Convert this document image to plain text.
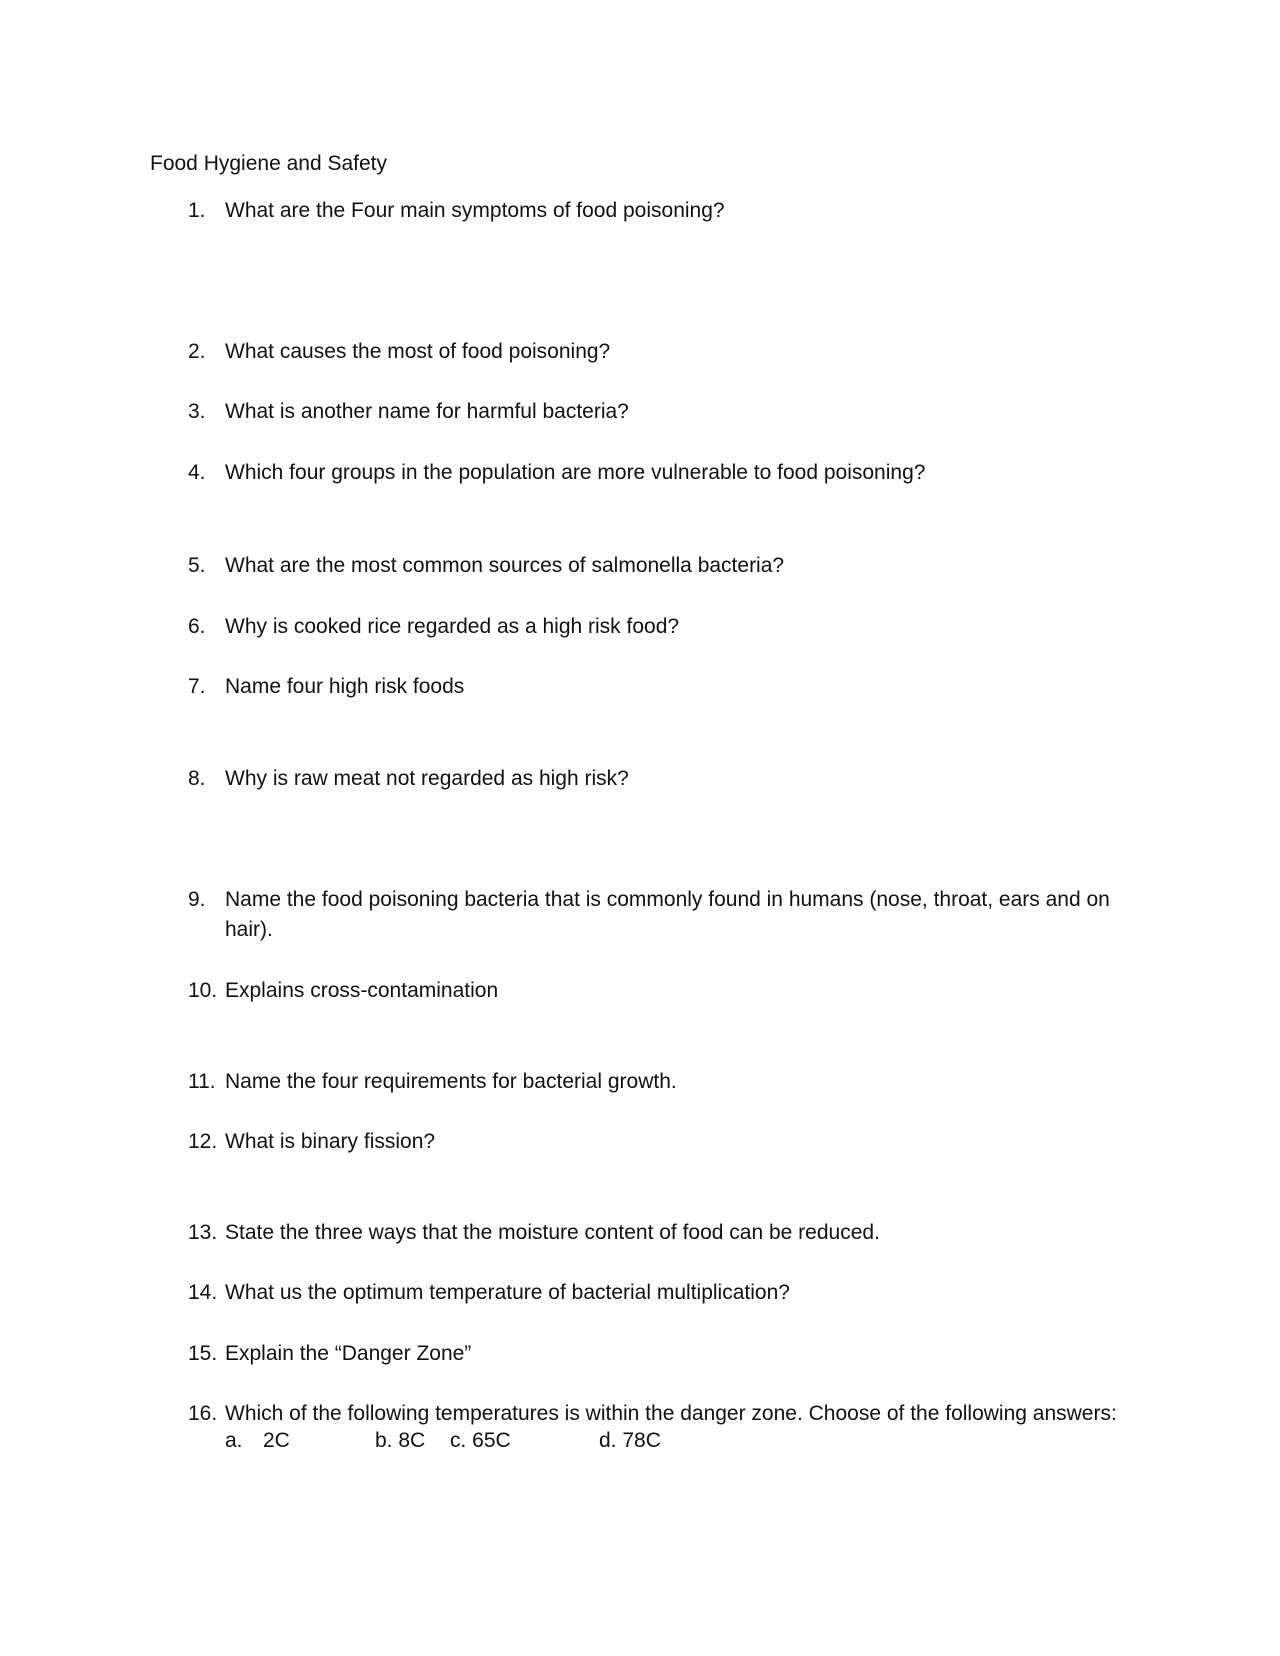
Food Hygiene and Safety
1. What are the Four main symptoms of food poisoning?
2. What causes the most of food poisoning?
3. What is another name for harmful bacteria?
4. Which four groups in the population are more vulnerable to food poisoning?
5. What are the most common sources of salmonella bacteria?
6. Why is cooked rice regarded as a high risk food?
7. Name four high risk foods
8. Why is raw meat not regarded as high risk?
9. Name the food poisoning bacteria that is commonly found in humans (nose, throat, ears and on hair).
10. Explains cross-contamination
11. Name the four requirements for bacterial growth.
12. What is binary fission?
13. State the three ways that the moisture content of food can be reduced.
14. What us the optimum temperature of bacterial multiplication?
15. Explain the “Danger Zone”
16. Which of the following temperatures is within the danger zone. Choose of the following answers:
a. 2C	b. 8C c. 65C	d. 78C
